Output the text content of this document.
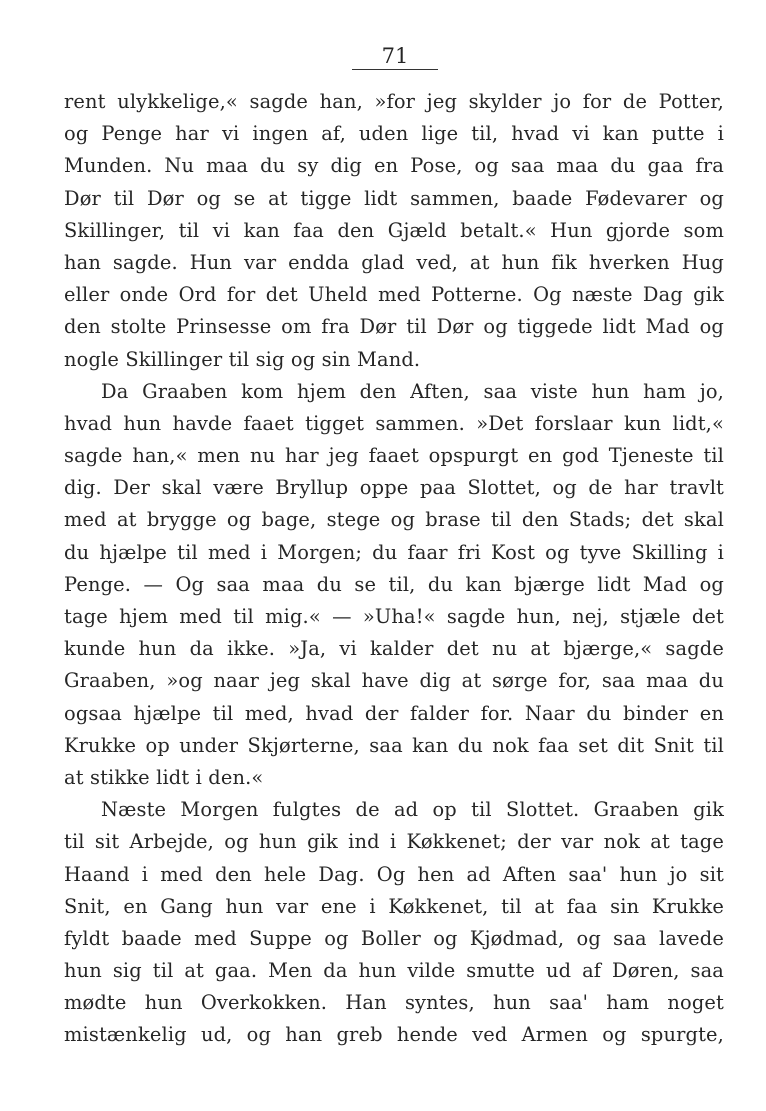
71
rent ulykkelige,« sagde han, »for jeg skylder jo for de Potter,
og Penge har vi ingen af, uden lige til, hvad vi kan putte i
Munden. Nu maa du sy dig en Pose, og saa maa du gaa fra
Dør til Dør og se at tigge lidt sammen, baade Fødevarer og
Skillinger, til vi kan faa den Gjæld betalt.« Hun gjorde som
han sagde. Hun var endda glad ved, at hun fik hverken Hug
eller onde Ord for det Uheld med Potterne. Og næste Dag gik
den stolte Prinsesse om fra Dør til Dør og tiggede lidt Mad og
nogle Skillinger til sig og sin Mand.
Da Graaben kom hjem den Aften, saa viste hun ham jo,
hvad hun havde faaet tigget sammen. »Det forslaar kun lidt,«
sagde han,« men nu har jeg faaet opspurgt en god Tjeneste til
dig. Der skal være Bryllup oppe paa Slottet, og de har travlt
med at brygge og bage, stege og brase til den Stads; det skal
du hjælpe til med i Morgen; du faar fri Kost og tyve Skilling i
Penge. — Og saa maa du se til, du kan bjærge lidt Mad og
tage hjem med til mig.« — »Uha!« sagde hun, nej, stjæle det
kunde hun da ikke. »Ja, vi kalder det nu at bjærge,« sagde
Graaben, »og naar jeg skal have dig at sørge for, saa maa du
ogsaa hjælpe til med, hvad der falder for. Naar du binder en
Krukke op under Skjørterne, saa kan du nok faa set dit Snit til
at stikke lidt i den.«
Næste Morgen fulgtes de ad op til Slottet. Graaben gik
til sit Arbejde, og hun gik ind i Køkkenet; der var nok at tage
Haand i med den hele Dag. Og hen ad Aften saa' hun jo sit
Snit, en Gang hun var ene i Køkkenet, til at faa sin Krukke
fyldt baade med Suppe og Boller og Kjødmad, og saa lavede
hun sig til at gaa. Men da hun vilde smutte ud af Døren, saa
mødte hun Overkokken. Han syntes, hun saa' ham noget
mistænkelig ud, og han greb hende ved Armen og spurgte,
